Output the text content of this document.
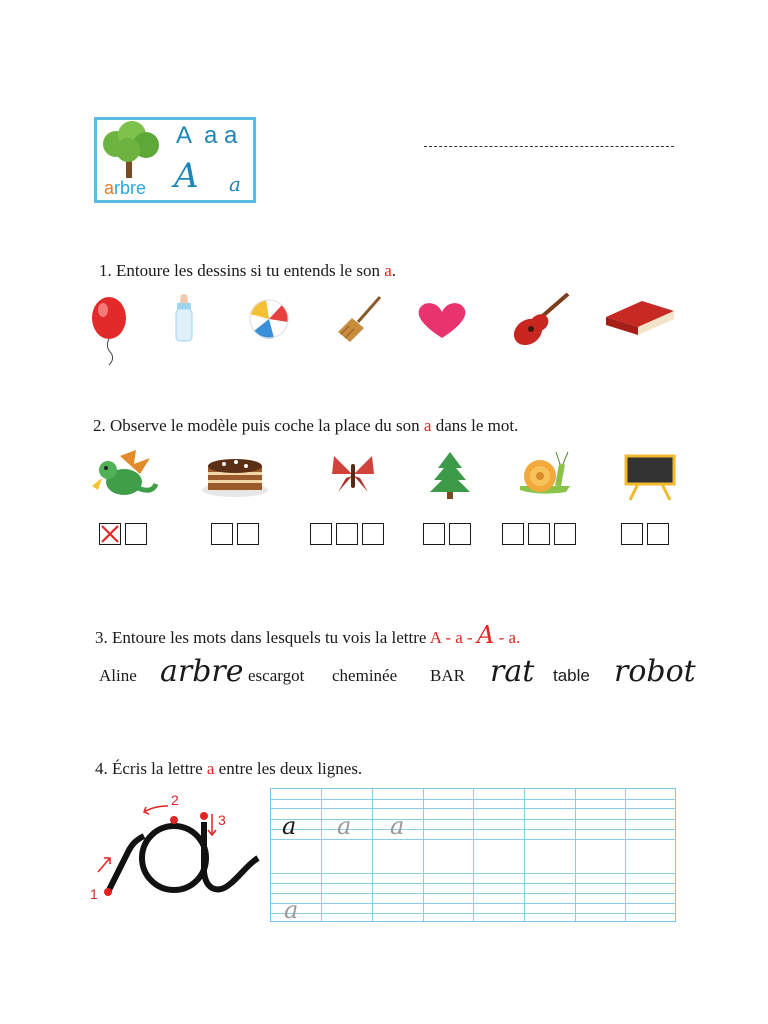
arbre
A  a a
A a
1. Entoure les dessins si tu entends le son a.
2. Observe le modèle puis coche la place du son a dans le mot.
3. Entoure les mots dans lesquels tu vois la lettre A - a - A - a.
Aline arbre escargot cheminée BAR rat table robot
4. Écris la lettre a entre les deux lignes.
1
2
3 a a a
a
